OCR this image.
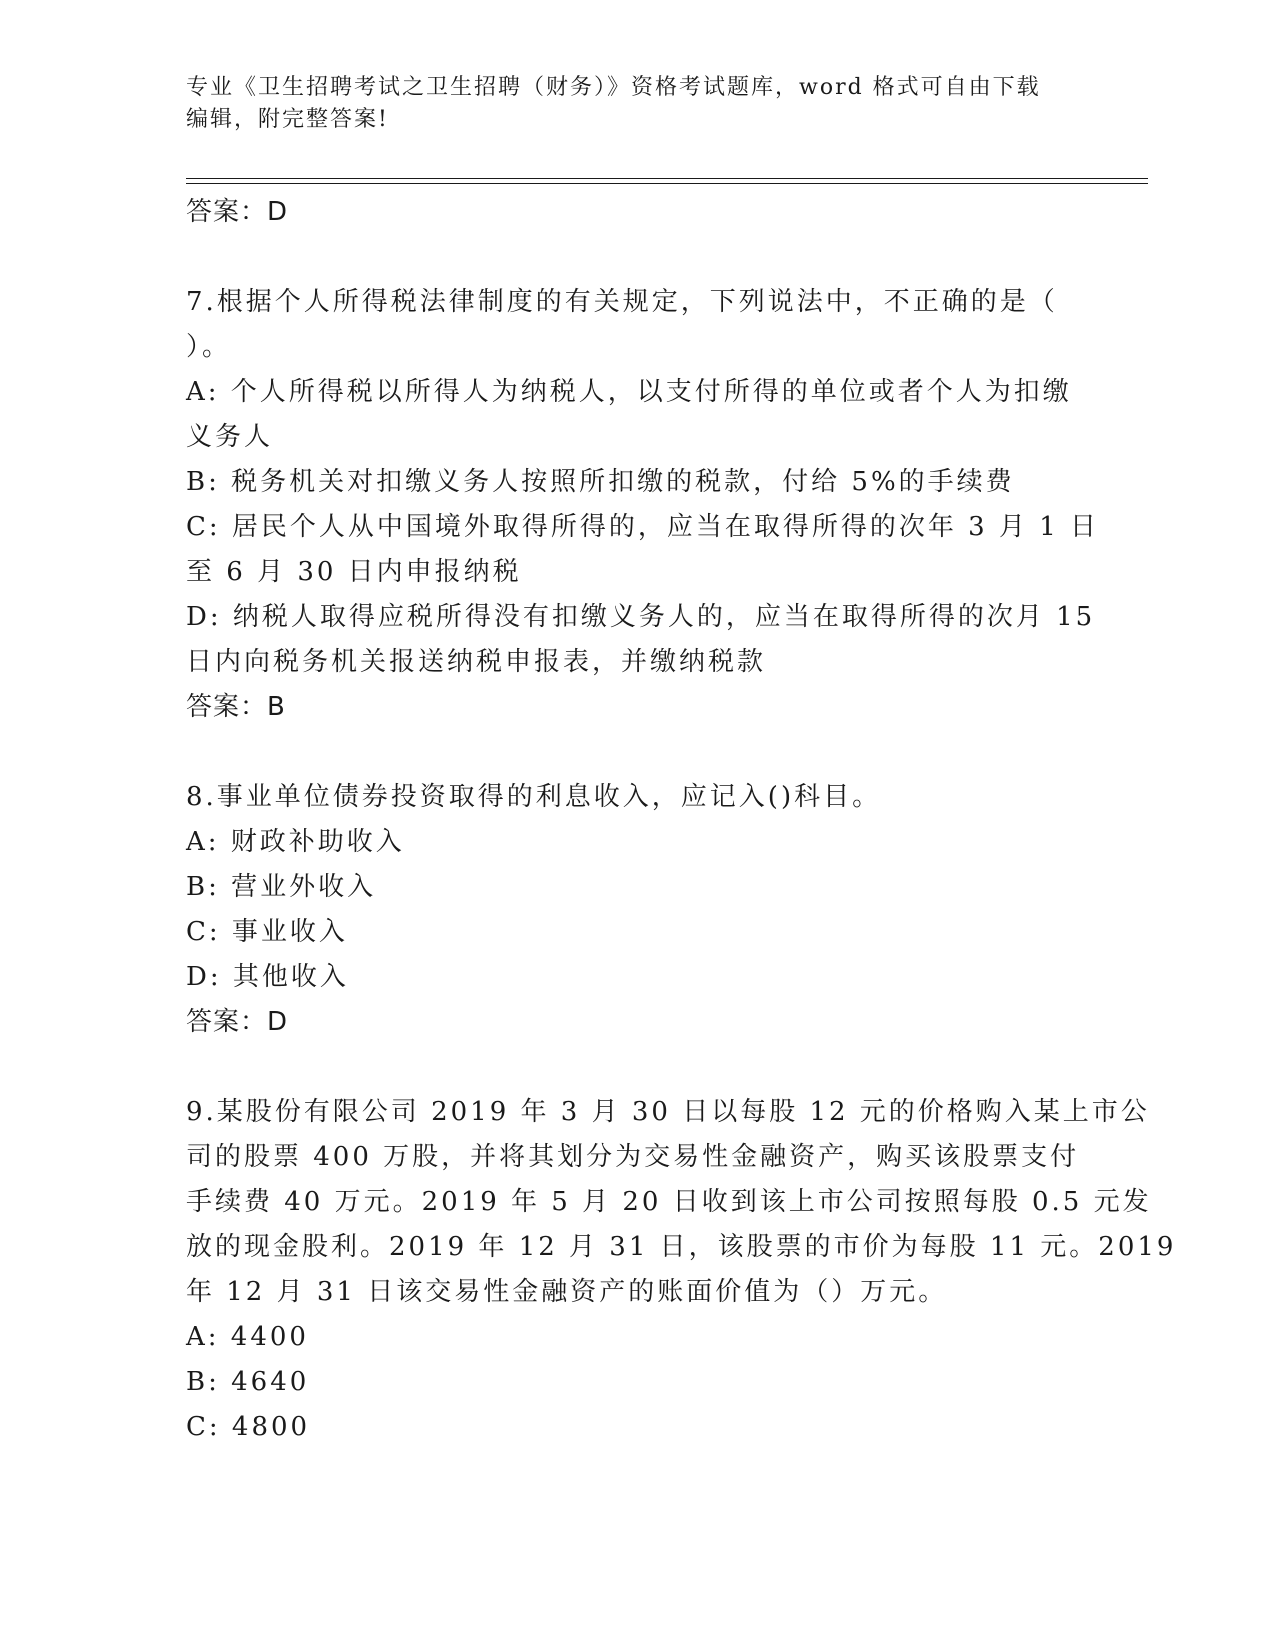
专业《卫生招聘考试之卫生招聘（财务）》资格考试题库，word 格式可自由下载
编辑，附完整答案!
答案：D
7.根据个人所得税法律制度的有关规定，下列说法中，不正确的是（
）。
A: 个人所得税以所得人为纳税人，以支付所得的单位或者个人为扣缴
义务人
B: 税务机关对扣缴义务人按照所扣缴的税款，付给 5%的手续费
C: 居民个人从中国境外取得所得的，应当在取得所得的次年 3 月 1 日
至 6 月 30 日内申报纳税
D: 纳税人取得应税所得没有扣缴义务人的，应当在取得所得的次月 15
日内向税务机关报送纳税申报表，并缴纳税款
答案：B
8.事业单位债券投资取得的利息收入，应记入()科目。
A: 财政补助收入
B: 营业外收入
C: 事业收入
D: 其他收入
答案：D
9.某股份有限公司 2019 年 3 月 30 日以每股 12 元的价格购入某上市公
司的股票 400 万股，并将其划分为交易性金融资产，购买该股票支付
手续费 40 万元。2019 年 5 月 20 日收到该上市公司按照每股 0.5 元发
放的现金股利。2019 年 12 月 31 日，该股票的市价为每股 11 元。2019
年 12 月 31 日该交易性金融资产的账面价值为（）万元。
A: 4400
B: 4640
C: 4800
